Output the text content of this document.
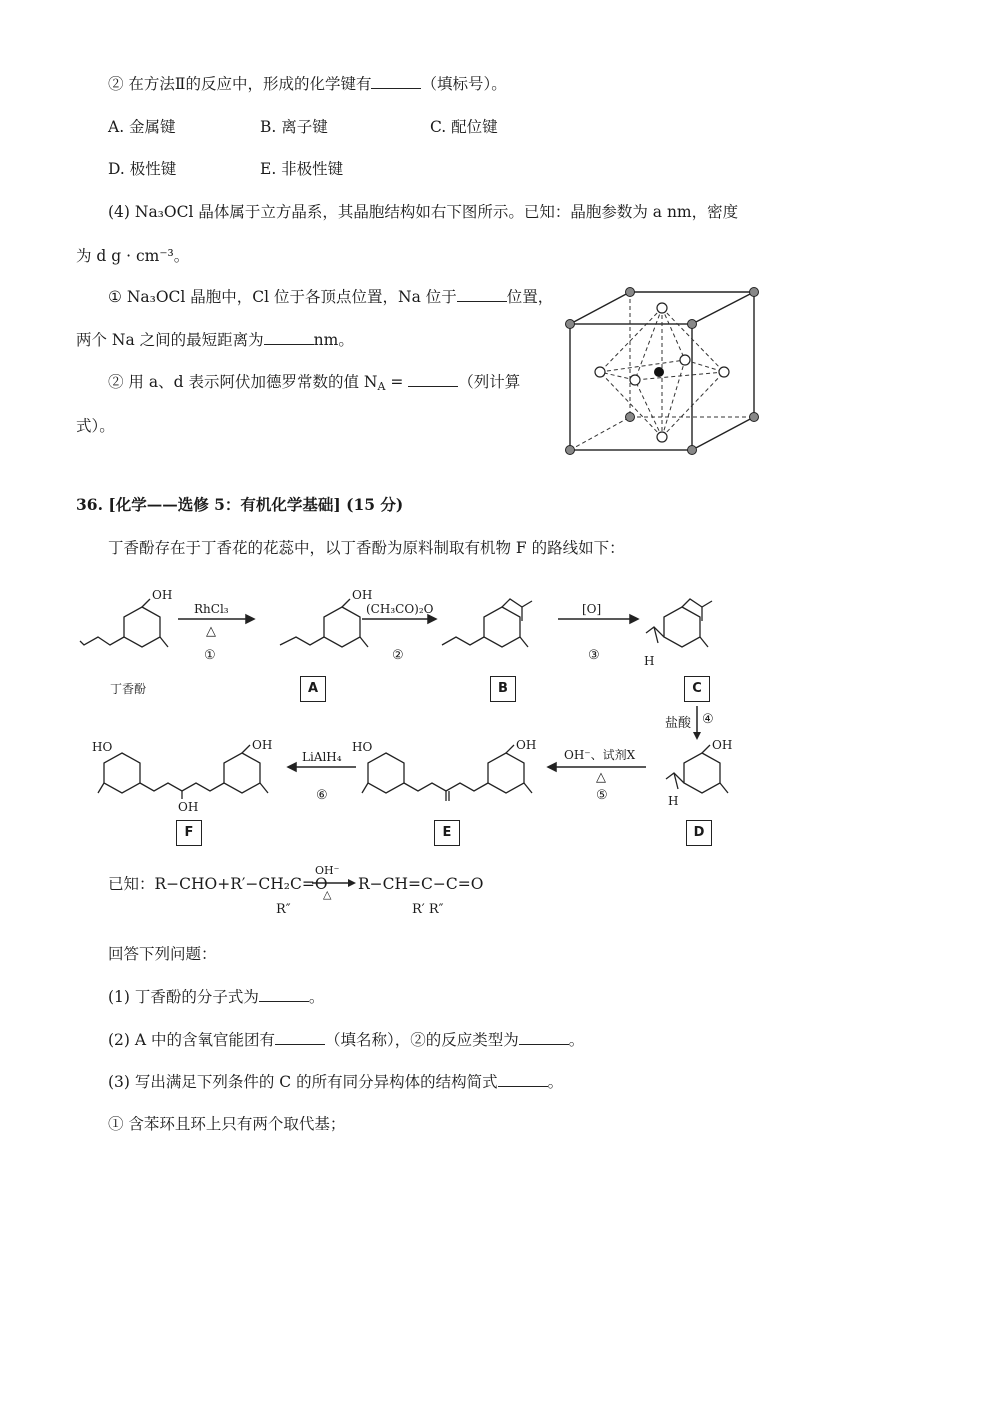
② 在方法Ⅱ的反应中，形成的化学键有	（填标号）。
A. 金属键	B. 离子键	C. 配位键
D. 极性键	E. 非极性键
(4) Na₃OCl 晶体属于立方晶系，其晶胞结构如右下图所示。已知：晶胞参数为 a nm，密度
为 d g · cm⁻³。
① Na₃OCl 晶胞中，Cl 位于各顶点位置，Na 位于	位置，
两个 Na 之间的最短距离为	nm。
② 用 a、d 表示阿伏加德罗常数的值 $N_A$ =	（列计算
式）。
36. [化学——选修 5：有机化学基础] (15 分)
丁香酚存在于丁香花的花蕊中，以丁香酚为原料制取有机物 F 的路线如下：
OH	OH
H
RhCl₃
△
①
(CH₃CO)₂O
②
[O]
③
丁香酚	A	B	C
盐酸 ④
HO	OH
OH
HO	OH	OH
H
LiAlH₄
⑥
OH⁻、试剂X
△
⑤
F	E	D
已知：R−CHO+R′−CH₂C=O
OH⁻
△
R−CH=C−C=O
R″	R′ R″
回答下列问题：
(1) 丁香酚的分子式为	。
(2) A 中的含氧官能团有	（填名称），②的反应类型为	。
(3) 写出满足下列条件的 C 的所有同分异构体的结构简式	。
① 含苯环且环上只有两个取代基；
